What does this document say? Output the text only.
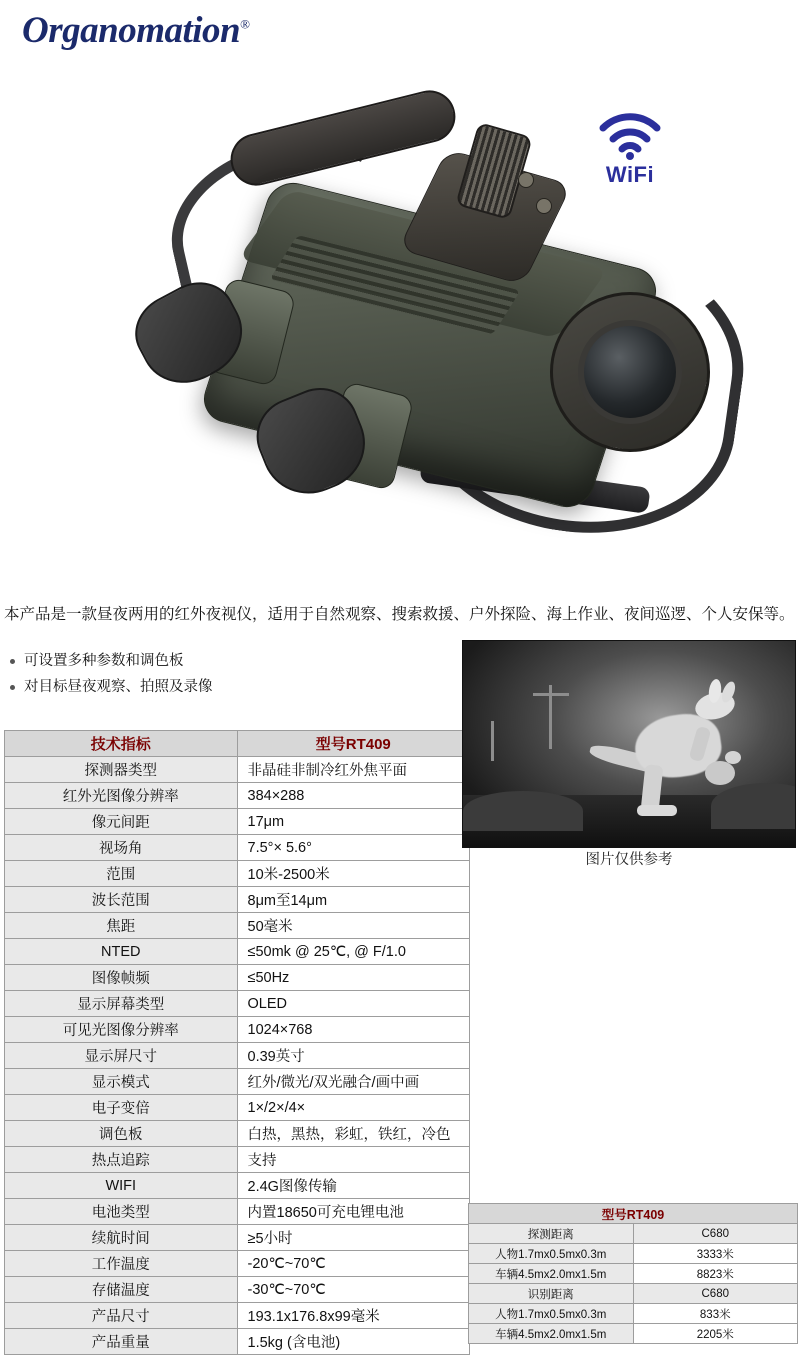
Organomation®
WiFi
本产品是一款昼夜两用的红外夜视仪，适用于自然观察、搜索救援、户外探险、海上作业、夜间巡逻、个人安保等。
可设置多种参数和调色板
对目标昼夜观察、拍照及录像
技术指标	型号RT409
探测器类型	非晶硅非制冷红外焦平面
红外光图像分辨率	384×288
像元间距	17μm
视场角	7.5°× 5.6°
范围	10米-2500米
波长范围	8μm至14μm
焦距	50毫米
NTED	≤50mk @ 25℃, @ F/1.0
图像帧频	≤50Hz
显示屏幕类型	OLED
可见光图像分辨率	1024×768
显示屏尺寸	0.39英寸
显示模式	红外/微光/双光融合/画中画
电子变倍	1×/2×/4×
调色板	白热，黑热，彩虹，铁红，冷色
热点追踪	支持
WIFI	2.4G图像传输
电池类型	内置18650可充电锂电池
续航时间	≥5小时
工作温度	-20℃~70℃
存储温度	-30℃~70℃
产品尺寸	193.1x176.8x99毫米
产品重量	1.5kg (含电池)
图片仅供参考
型号RT409	
探测距离	C680
人物1.7mx0.5mx0.3m	3333米
车辆4.5mx2.0mx1.5m	8823米
识别距离	C680
人物1.7mx0.5mx0.3m	833米
车辆4.5mx2.0mx1.5m	2205米
